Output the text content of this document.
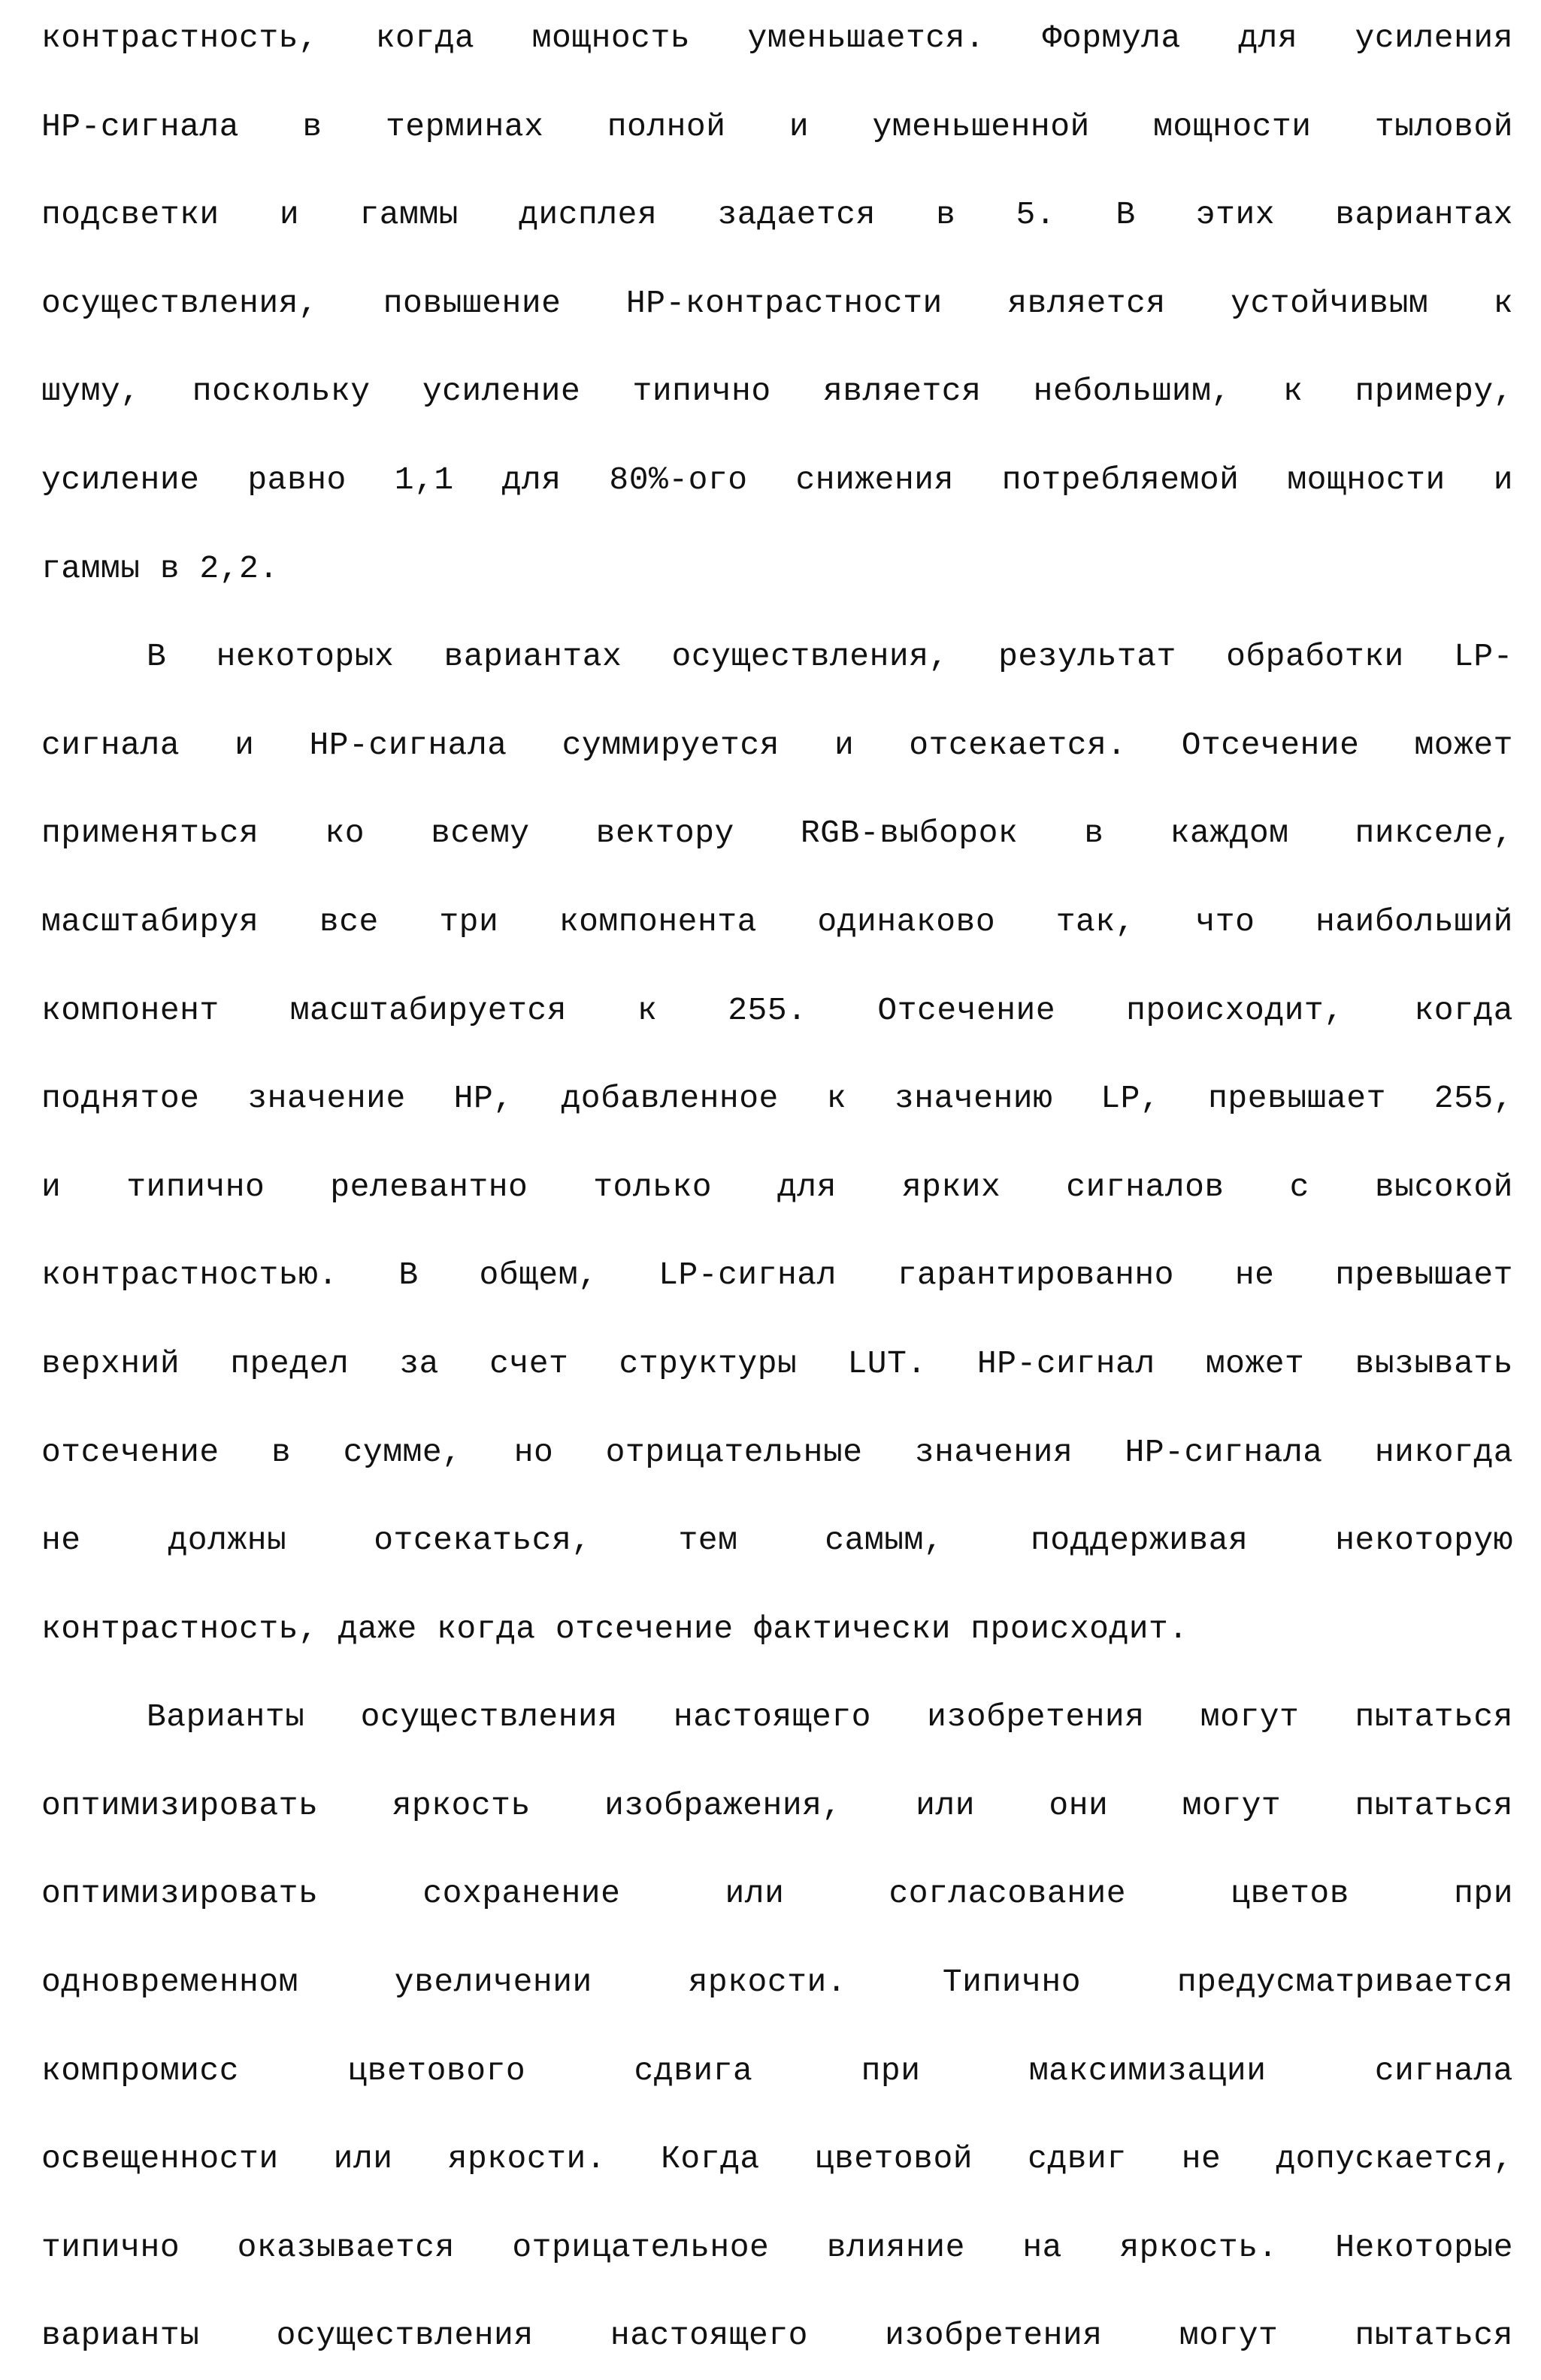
контрастность, когда мощность уменьшается. Формула для усиления
HP-сигнала в терминах полной и уменьшенной мощности тыловой
подсветки и гаммы дисплея задается в 5. В этих вариантах
осуществления, повышение HP-контрастности является устойчивым к
шуму, поскольку усиление типично является небольшим, к примеру,
усиление равно 1,1 для 80%-ого снижения потребляемой мощности и
гаммы в 2,2.
В некоторых вариантах осуществления, результат обработки LP-
сигнала и HP-сигнала суммируется и отсекается. Отсечение может
применяться ко всему вектору RGB-выборок в каждом пикселе,
масштабируя все три компонента одинаково так, что наибольший
компонент масштабируется к 255. Отсечение происходит, когда
поднятое значение HP, добавленное к значению LP, превышает 255,
и типично релевантно только для ярких сигналов с высокой
контрастностью. В общем, LP-сигнал гарантированно не превышает
верхний предел за счет структуры LUT. HP-сигнал может вызывать
отсечение в сумме, но отрицательные значения HP-сигнала никогда
не должны отсекаться, тем самым, поддерживая некоторую
контрастность, даже когда отсечение фактически происходит.
Варианты осуществления настоящего изобретения могут пытаться
оптимизировать яркость изображения, или они могут пытаться
оптимизировать сохранение или согласование цветов при
одновременном увеличении яркости. Типично предусматривается
компромисс цветового сдвига при максимизации сигнала
освещенности или яркости. Когда цветовой сдвиг не допускается,
типично оказывается отрицательное влияние на яркость. Некоторые
варианты осуществления настоящего изобретения могут пытаться
